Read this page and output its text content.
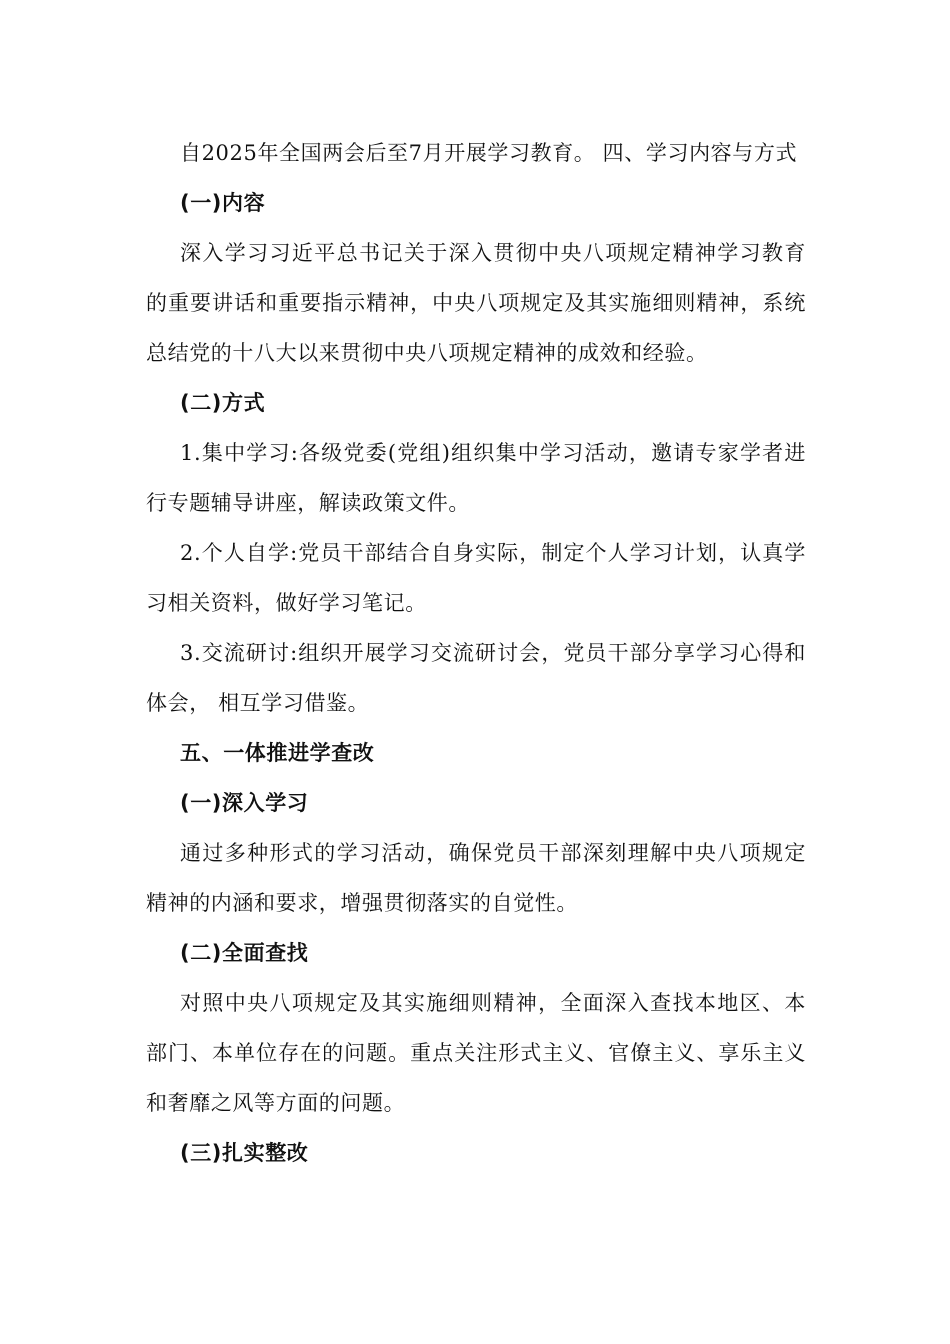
自2025年全国两会后至7月开展学习教育。 四、学习内容与方式

(一)内容

深入学习习近平总书记关于深入贯彻中央八项规定精神学习教育的重要讲话和重要指示精神，中央八项规定及其实施细则精神，系统总结党的十八大以来贯彻中央八项规定精神的成效和经验。

(二)方式

1.集中学习:各级党委(党组)组织集中学习活动，邀请专家学者进行专题辅导讲座，解读政策文件。

2.个人自学:党员干部结合自身实际，制定个人学习计划，认真学习相关资料，做好学习笔记。

3.交流研讨:组织开展学习交流研讨会，党员干部分享学习心得和体会， 相互学习借鉴。

五、一体推进学查改

(一)深入学习

通过多种形式的学习活动，确保党员干部深刻理解中央八项规定精神的内涵和要求，增强贯彻落实的自觉性。

(二)全面查找

对照中央八项规定及其实施细则精神，全面深入查找本地区、本部门、本单位存在的问题。重点关注形式主义、官僚主义、享乐主义和奢靡之风等方面的问题。

(三)扎实整改
